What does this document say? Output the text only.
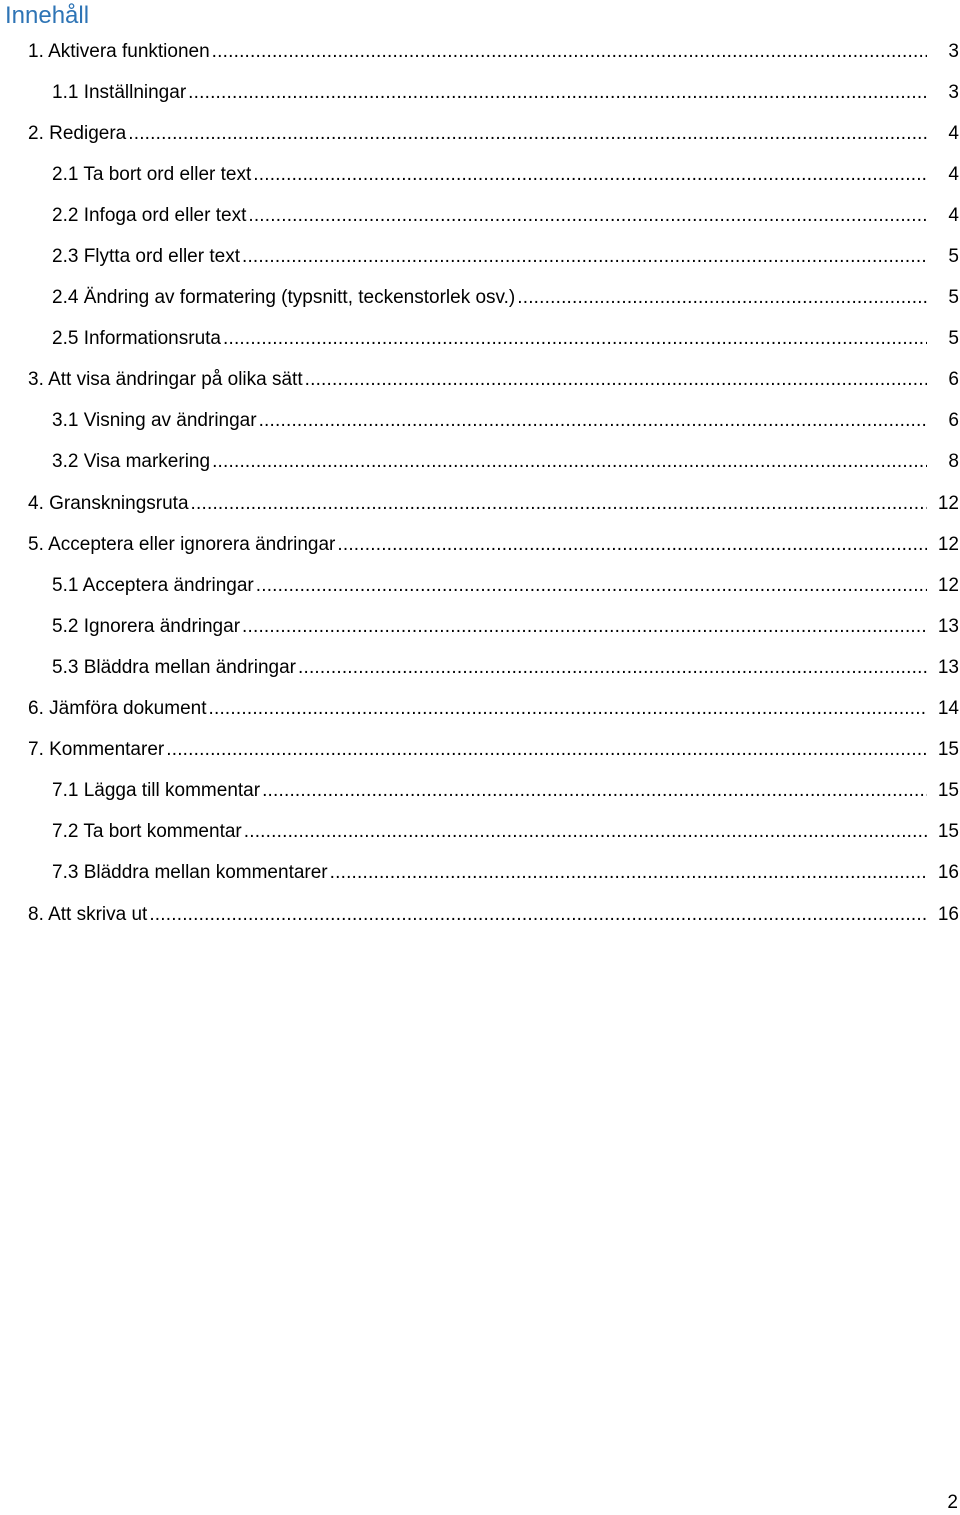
Innehåll
1. Aktivera funktionen .....	3
1.1 Inställningar .....	3
2. Redigera .....	4
2.1 Ta bort ord eller text .....	4
2.2 Infoga ord eller text .....	4
2.3 Flytta ord eller text .....	5
2.4 Ändring av formatering (typsnitt, teckenstorlek osv.) .....	5
2.5 Informationsruta .....	5
3. Att visa ändringar på olika sätt .....	6
3.1 Visning av ändringar .....	6
3.2 Visa markering .....	8
4. Granskningsruta .....	12
5. Acceptera eller ignorera ändringar .....	12
5.1 Acceptera ändringar .....	12
5.2 Ignorera ändringar .....	13
5.3 Bläddra mellan ändringar .....	13
6. Jämföra dokument .....	14
7. Kommentarer .....	15
7.1 Lägga till kommentar .....	15
7.2 Ta bort kommentar .....	15
7.3 Bläddra mellan kommentarer .....	16
8. Att skriva ut .....	16
2
